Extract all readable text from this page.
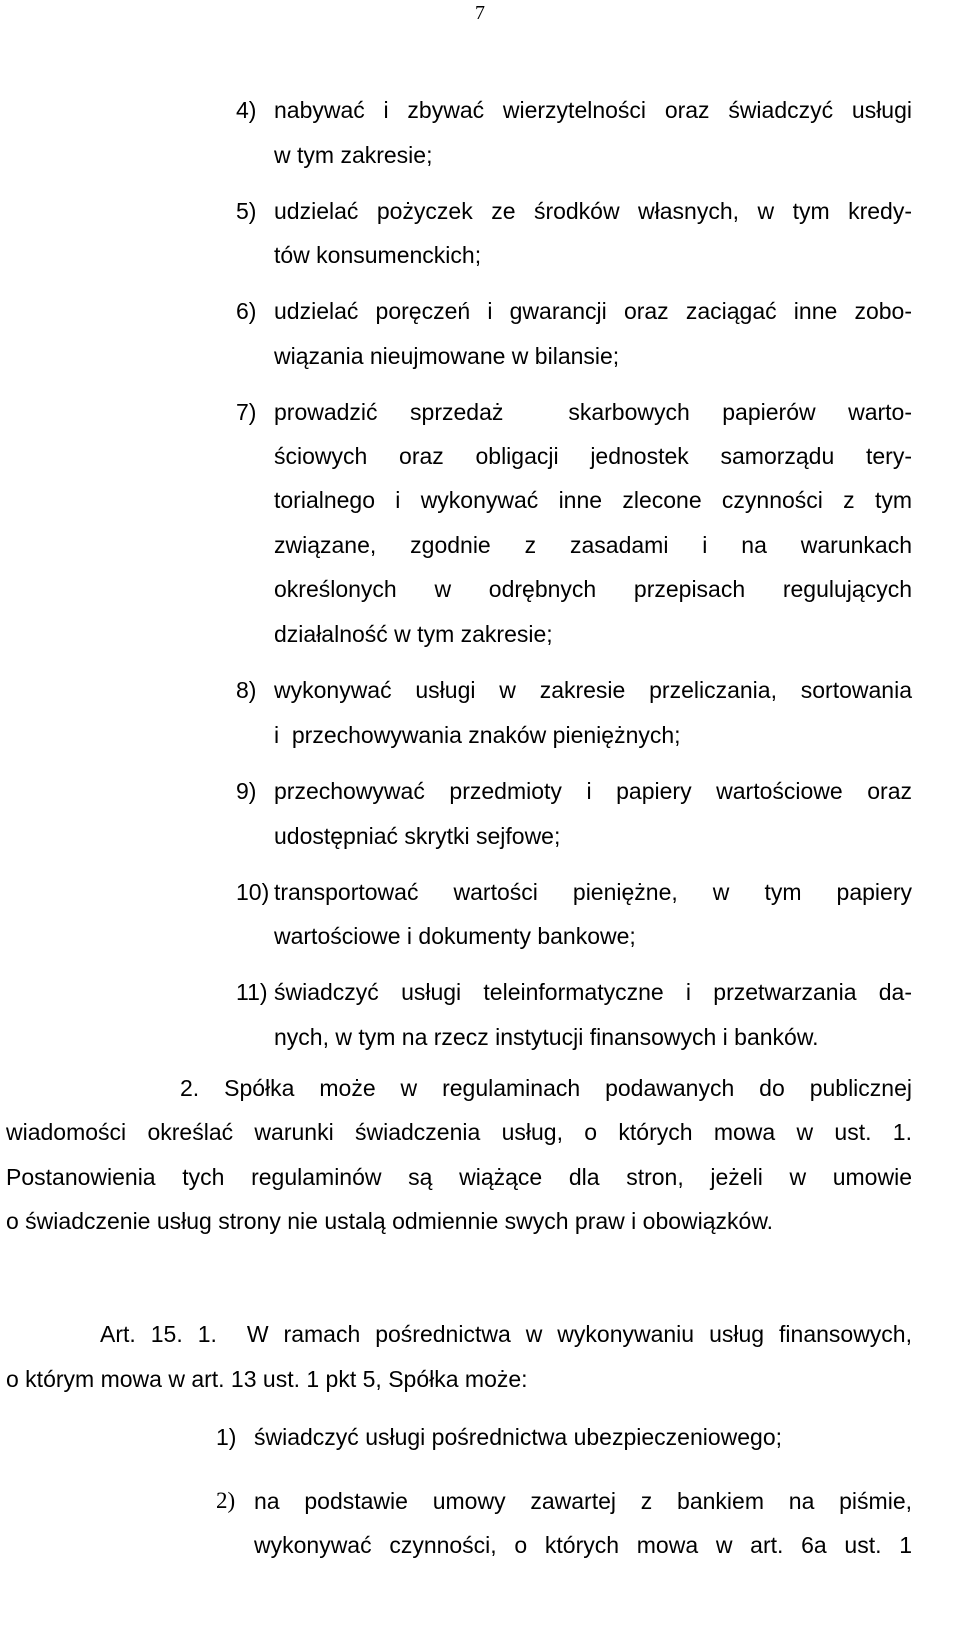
7
4) nabywać i zbywać wierzytelności oraz świadczyć usługi
w tym zakresie;
5) udzielać pożyczek ze środków własnych, w tym kredy-
tów konsumenckich;
6) udzielać poręczeń i gwarancji oraz zaciągać inne zobo-
wiązania nieujmowane w bilansie;
7) prowadzić sprzedaż  skarbowych papierów warto-
ściowych oraz obligacji jednostek samorządu tery-
torialnego i wykonywać inne zlecone czynności z tym
związane, zgodnie z zasadami i na warunkach
określonych w odrębnych przepisach regulujących
działalność w tym zakresie;
8) wykonywać usługi w zakresie przeliczania, sortowania
i  przechowywania znaków pieniężnych;
9) przechowywać przedmioty i papiery wartościowe oraz
udostępniać skrytki sejfowe;
10) transportować wartości pieniężne, w tym papiery
wartościowe i dokumenty bankowe;
11) świadczyć usługi teleinformatyczne i przetwarzania da-
nych, w tym na rzecz instytucji finansowych i banków.
2. Spółka może w regulaminach podawanych do publicznej
wiadomości określać warunki świadczenia usług, o których mowa w ust. 1.
Postanowienia tych regulaminów są wiążące dla stron, jeżeli w umowie
o świadczenie usług strony nie ustalą odmiennie swych praw i obowiązków.
Art. 15. 1.  W ramach pośrednictwa w wykonywaniu usług finansowych,
o którym mowa w art. 13 ust. 1 pkt 5, Spółka może:
1) świadczyć usługi pośrednictwa ubezpieczeniowego;
2) na podstawie umowy zawartej z bankiem na piśmie,
wykonywać czynności, o których mowa w art. 6a ust. 1
